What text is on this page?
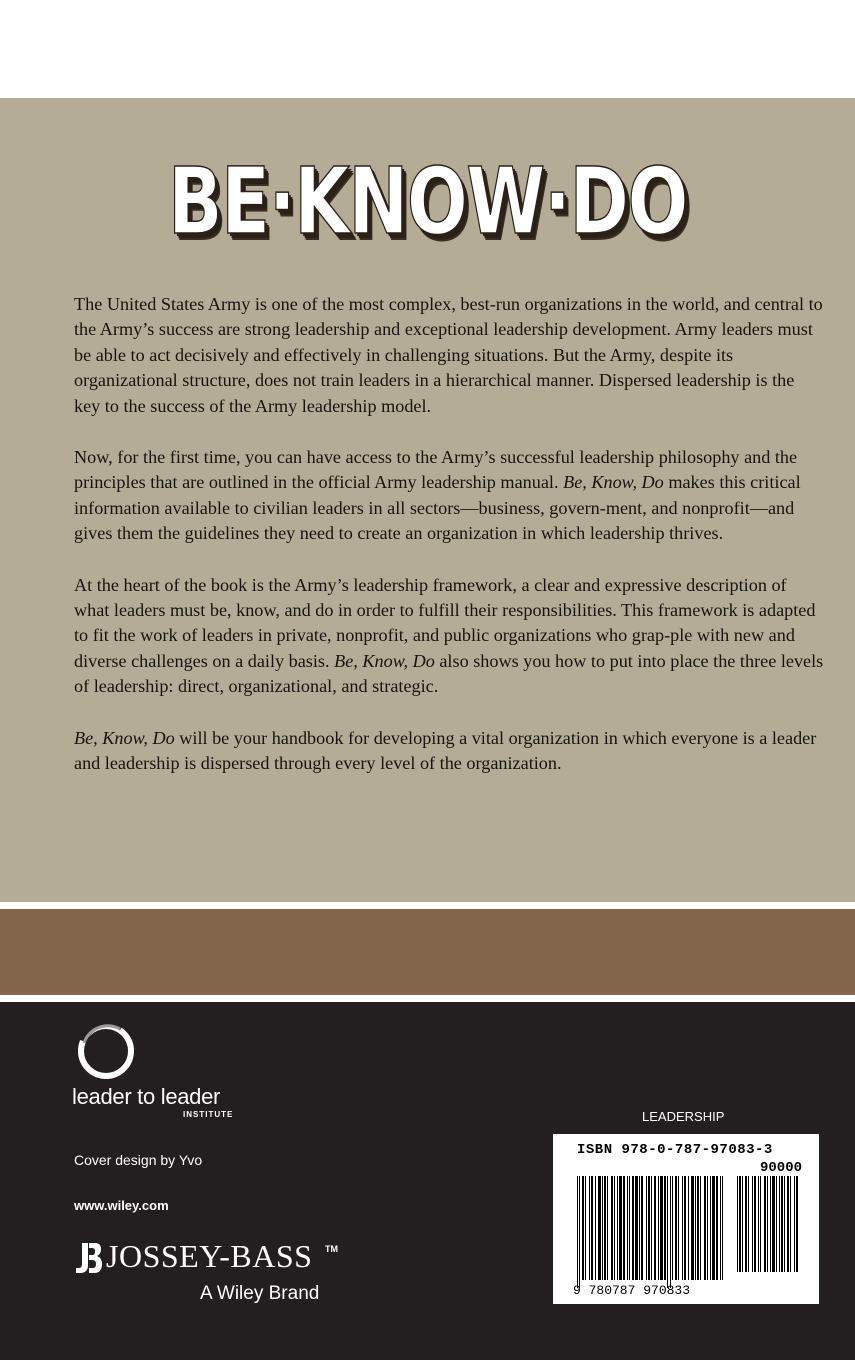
BE·KNOW·DO

The United States Army is one of the most complex, best-run organizations in the world, and central to the Army’s success are strong leadership and exceptional leadership development. Army leaders must be able to act decisively and effectively in challenging situations. But the Army, despite its organizational structure, does not train leaders in a hierarchical manner. Dispersed leadership is the key to the success of the Army leadership model.

Now, for the first time, you can have access to the Army’s successful leadership philosophy and the principles that are outlined in the official Army leadership manual. Be, Know, Do makes this critical information available to civilian leaders in all sectors—business, govern-ment, and nonprofit—and gives them the guidelines they need to create an organization in which leadership thrives.

At the heart of the book is the Army’s leadership framework, a clear and expressive description of what leaders must be, know, and do in order to fulfill their responsibilities. This framework is adapted to fit the work of leaders in private, nonprofit, and public organizations who grap-ple with new and diverse challenges on a daily basis. Be, Know, Do also shows you how to put into place the three levels of leadership: direct, organizational, and strategic.

Be, Know, Do will be your handbook for developing a vital organization in which everyone is a leader and leadership is dispersed through every level of the organization.

leader to leader
INSTITUTE
Cover design by Yvo
www.wiley.com
JOSSEY-BASS TM
A Wiley Brand
LEADERSHIP
ISBN 978-0-787-97083-3
90000
9 780787 970833
